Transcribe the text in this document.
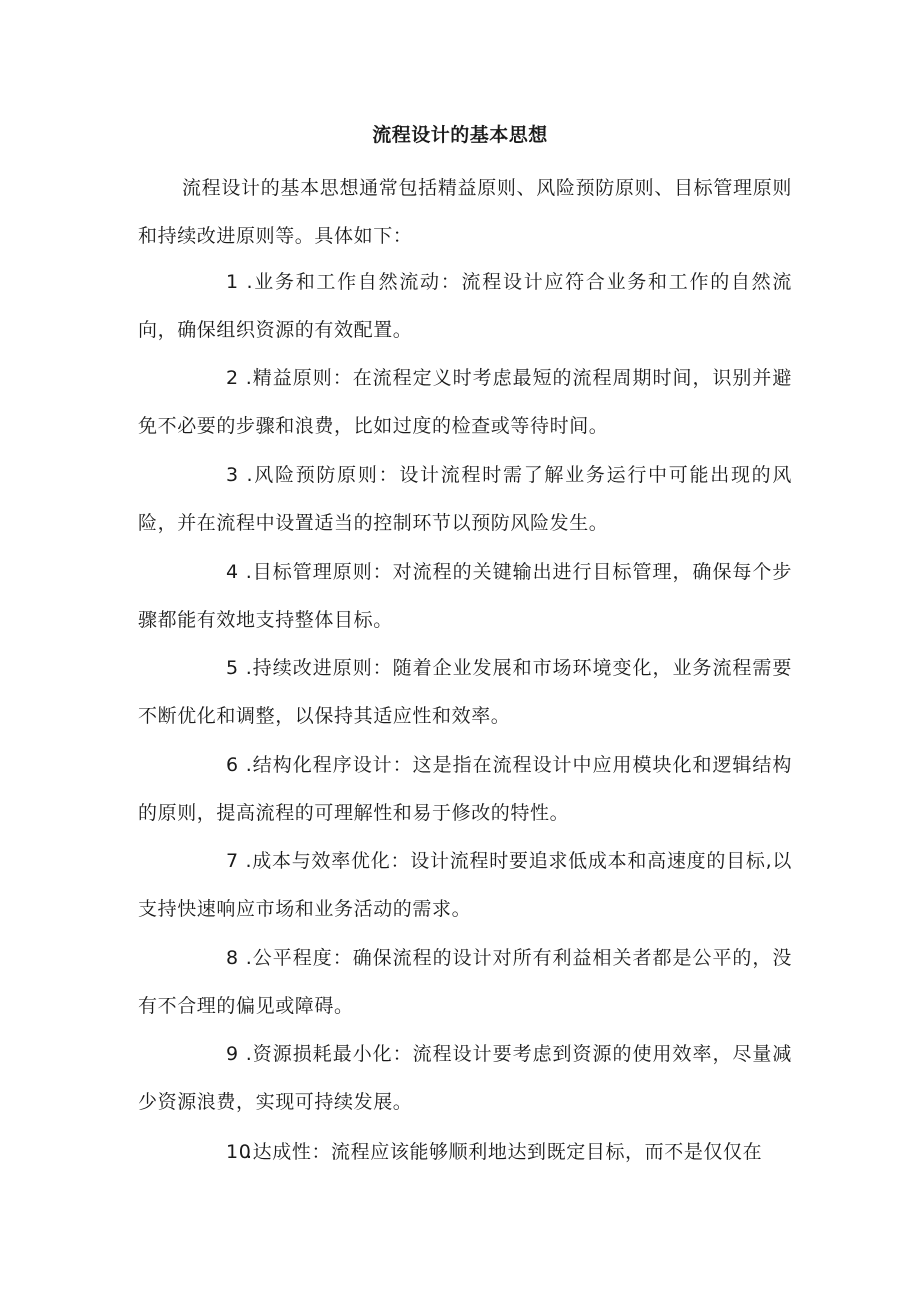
流程设计的基本思想

流程设计的基本思想通常包括精益原则、风险预防原则、目标管理原则和持续改进原则等。具体如下：

1 .业务和工作自然流动：流程设计应符合业务和工作的自然流向，确保组织资源的有效配置。

2 .精益原则：在流程定义时考虑最短的流程周期时间，识别并避免不必要的步骤和浪费，比如过度的检查或等待时间。

3 .风险预防原则：设计流程时需了解业务运行中可能出现的风险，并在流程中设置适当的控制环节以预防风险发生。

4 .目标管理原则：对流程的关键输出进行目标管理，确保每个步骤都能有效地支持整体目标。

5 .持续改进原则：随着企业发展和市场环境变化，业务流程需要不断优化和调整，以保持其适应性和效率。

6 .结构化程序设计：这是指在流程设计中应用模块化和逻辑结构的原则，提高流程的可理解性和易于修改的特性。

7 .成本与效率优化：设计流程时要追求低成本和高速度的目标,以支持快速响应市场和业务活动的需求。

8 .公平程度：确保流程的设计对所有利益相关者都是公平的，没有不合理的偏见或障碍。

9 .资源损耗最小化：流程设计要考虑到资源的使用效率，尽量减少资源浪费，实现可持续发展。

10.达成性：流程应该能够顺利地达到既定目标，而不是仅仅在
